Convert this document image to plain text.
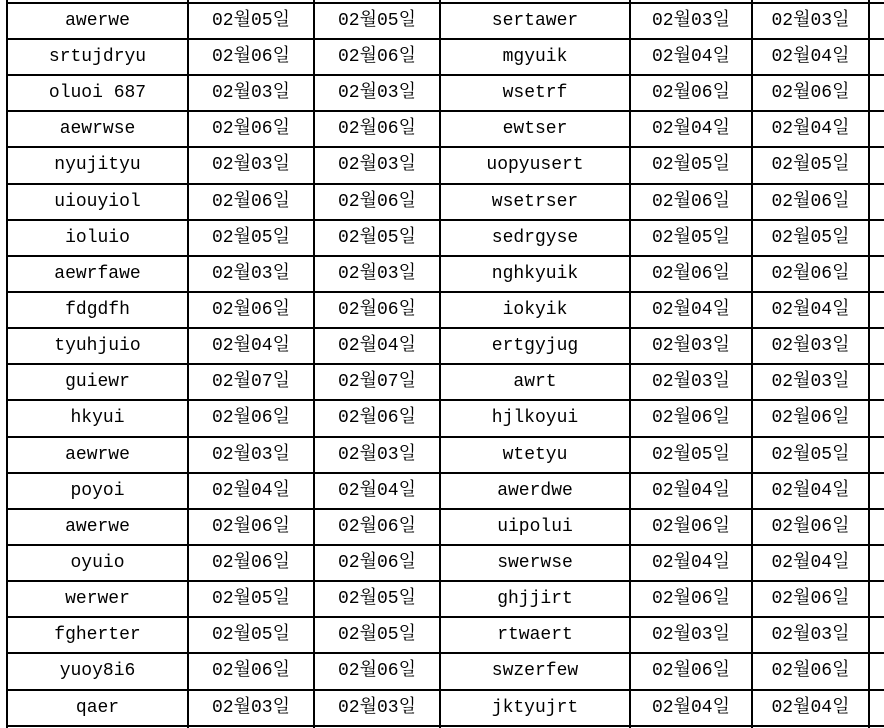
awerwe	02월05일	02월05일	sertawer	02월03일	02월03일	
srtujdryu	02월06일	02월06일	mgyuik	02월04일	02월04일	
oluoi 687	02월03일	02월03일	wsetrf	02월06일	02월06일	
aewrwse	02월06일	02월06일	ewtser	02월04일	02월04일	
nyujityu	02월03일	02월03일	uopyusert	02월05일	02월05일	
uiouyiol	02월06일	02월06일	wsetrser	02월06일	02월06일	
ioluio	02월05일	02월05일	sedrgyse	02월05일	02월05일	
aewrfawe	02월03일	02월03일	nghkyuik	02월06일	02월06일	
fdgdfh	02월06일	02월06일	iokyik	02월04일	02월04일	
tyuhjuio	02월04일	02월04일	ertgyjug	02월03일	02월03일	
guiewr	02월07일	02월07일	awrt	02월03일	02월03일	
hkyui	02월06일	02월06일	hjlkoyui	02월06일	02월06일	
aewrwe	02월03일	02월03일	wtetyu	02월05일	02월05일	
poyoi	02월04일	02월04일	awerdwe	02월04일	02월04일	
awerwe	02월06일	02월06일	uipolui	02월06일	02월06일	
oyuio	02월06일	02월06일	swerwse	02월04일	02월04일	
werwer	02월05일	02월05일	ghjjirt	02월06일	02월06일	
fgherter	02월05일	02월05일	rtwaert	02월03일	02월03일	
yuoy8i6	02월06일	02월06일	swzerfew	02월06일	02월06일	
qaer	02월03일	02월03일	jktyujrt	02월04일	02월04일	
